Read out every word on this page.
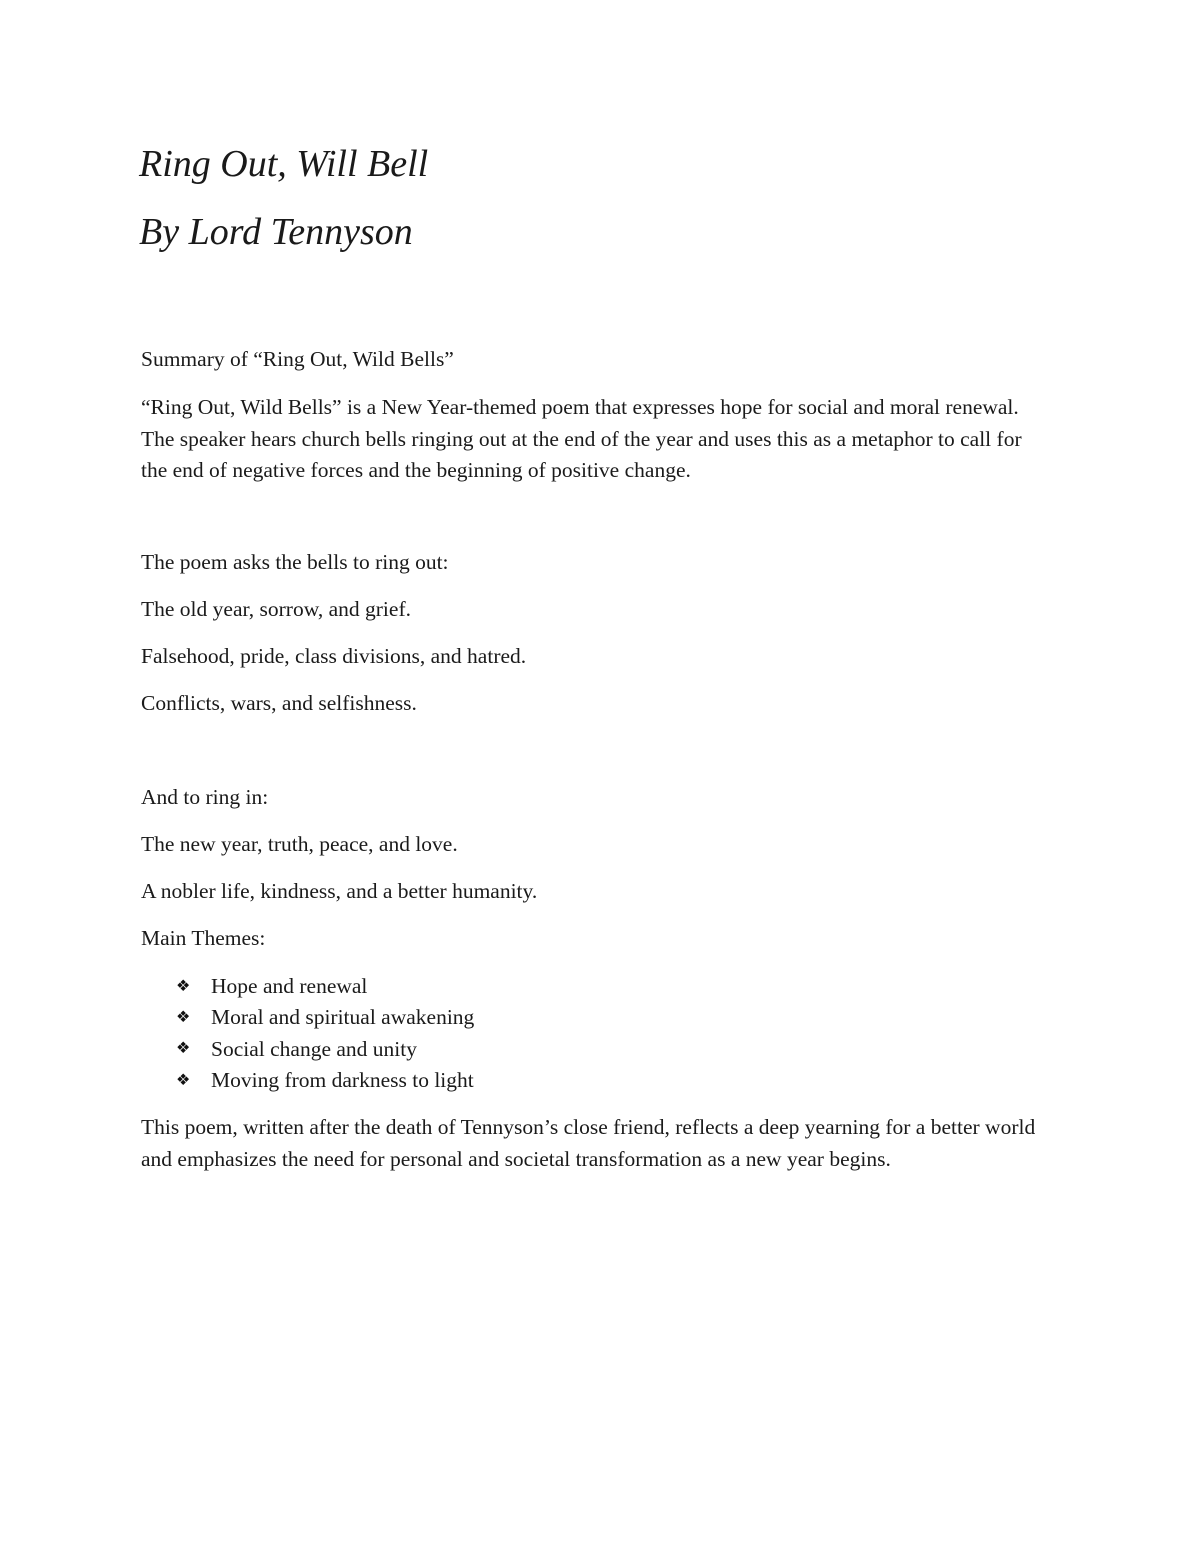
Ring Out, Will Bell
By Lord Tennyson

Summary of “Ring Out, Wild Bells”

“Ring Out, Wild Bells” is a New Year-themed poem that expresses hope for social and moral renewal. The speaker hears church bells ringing out at the end of the year and uses this as a metaphor to call for the end of negative forces and the beginning of positive change.

The poem asks the bells to ring out:

The old year, sorrow, and grief.

Falsehood, pride, class divisions, and hatred.

Conflicts, wars, and selfishness.

And to ring in:

The new year, truth, peace, and love.

A nobler life, kindness, and a better humanity.

Main Themes:

❖ Hope and renewal
❖ Moral and spiritual awakening
❖ Social change and unity
❖ Moving from darkness to light

This poem, written after the death of Tennyson’s close friend, reflects a deep yearning for a better world and emphasizes the need for personal and societal transformation as a new year begins.
